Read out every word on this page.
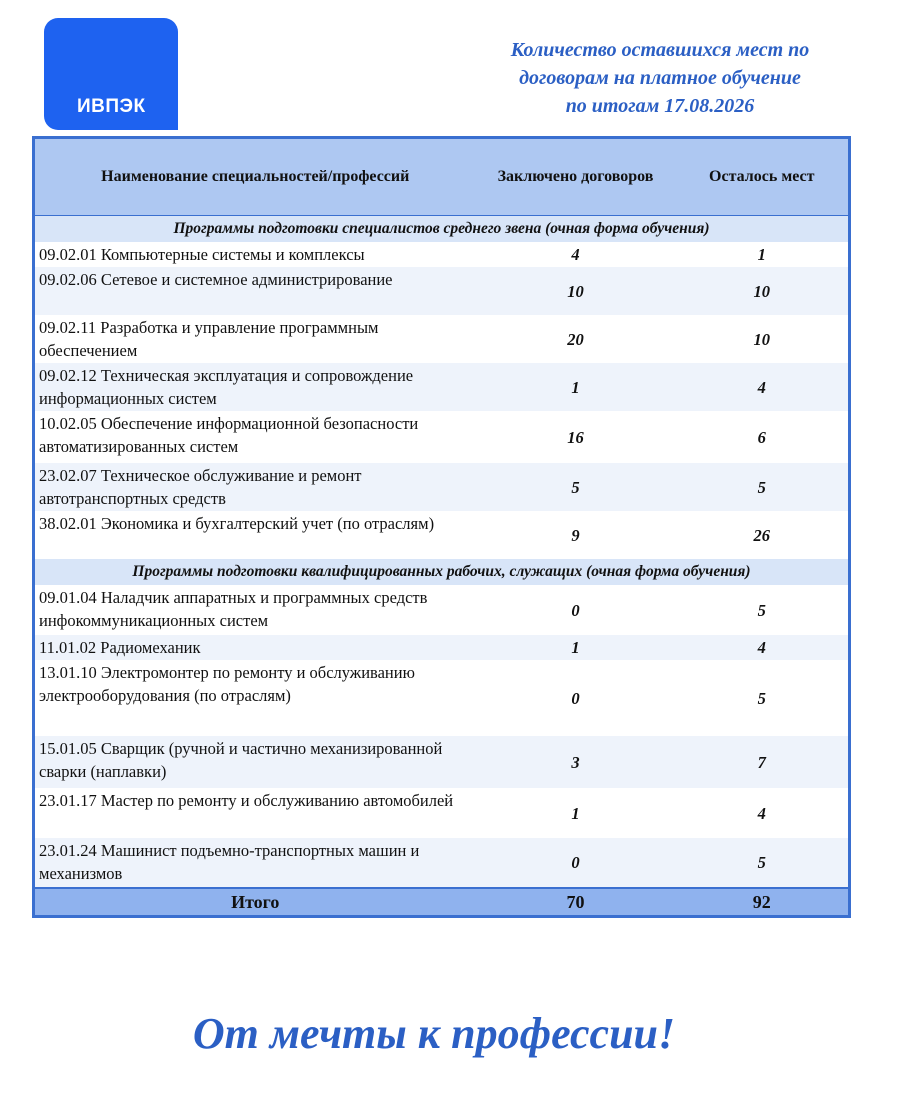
ИВПЭК
Количество оставшихся мест по
договорам на платное обучение
по итогам 17.08.2026
Наименование специальностей/профессий	Заключено договоров	Осталось мест
Программы подготовки специалистов среднего звена (очная форма обучения)		
09.02.01 Компьютерные системы и комплексы	4	1
09.02.06 Сетевое и системное администрирование	10	10
09.02.11 Разработка и управление программным обеспечением	20	10
09.02.12 Техническая эксплуатация и сопровождение информационных систем	1	4
10.02.05 Обеспечение информационной безопасности автоматизированных систем	16	6
23.02.07 Техническое обслуживание и ремонт автотранспортных средств	5	5
38.02.01 Экономика и бухгалтерский учет (по отраслям)	9	26
Программы подготовки квалифицированных рабочих, служащих (очная форма обучения)		
09.01.04 Наладчик аппаратных и программных средств инфокоммуникационных систем	0	5
11.01.02 Радиомеханик	1	4
13.01.10 Электромонтер по ремонту и обслуживанию электрооборудования (по отраслям)	0	5
15.01.05 Сварщик (ручной и частично механизированной сварки (наплавки)	3	7
23.01.17 Мастер по ремонту и обслуживанию автомобилей	1	4
23.01.24 Машинист подъемно-транспортных машин и механизмов	0	5
Итого	70	92
От мечты к профессии!
